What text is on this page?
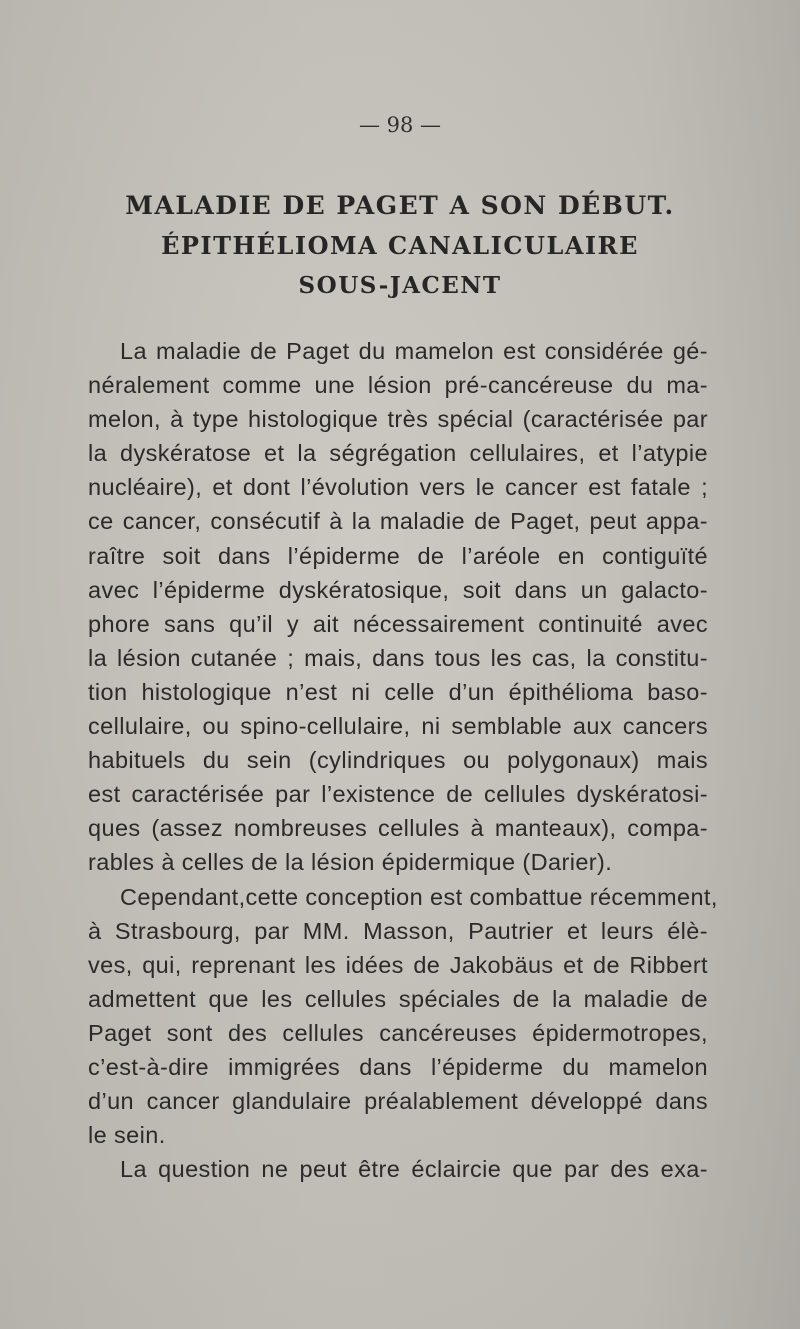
— 98 —
MALADIE DE PAGET A SON DÉBUT.
ÉPITHÉLIOMA CANALICULAIRE
SOUS-JACENT
La maladie de Paget du mamelon est considérée gé-
néralement comme une lésion pré-cancéreuse du ma-
melon, à type histologique très spécial (caractérisée par
la dyskératose et la ségrégation cellulaires, et l’atypie
nucléaire), et dont l’évolution vers le cancer est fatale ;
ce cancer, consécutif à la maladie de Paget, peut appa-
raître soit dans l’épiderme de l’aréole en contiguïté
avec l’épiderme dyskératosique, soit dans un galacto-
phore sans qu’il y ait nécessairement continuité avec
la lésion cutanée ; mais, dans tous les cas, la constitu-
tion histologique n’est ni celle d’un épithélioma baso-
cellulaire, ou spino-cellulaire, ni semblable aux cancers
habituels du sein (cylindriques ou polygonaux) mais
est caractérisée par l’existence de cellules dyskératosi-
ques (assez nombreuses cellules à manteaux), compa-
rables à celles de la lésion épidermique (Darier).
Cependant,cette conception est combattue récemment,
à Strasbourg, par MM. Masson, Pautrier et leurs élè-
ves, qui, reprenant les idées de Jakobäus et de Ribbert
admettent que les cellules spéciales de la maladie de
Paget sont des cellules cancéreuses épidermotropes,
c’est-à-dire immigrées dans l’épiderme du mamelon
d’un cancer glandulaire préalablement développé dans
le sein.
La question ne peut être éclaircie que par des exa-
